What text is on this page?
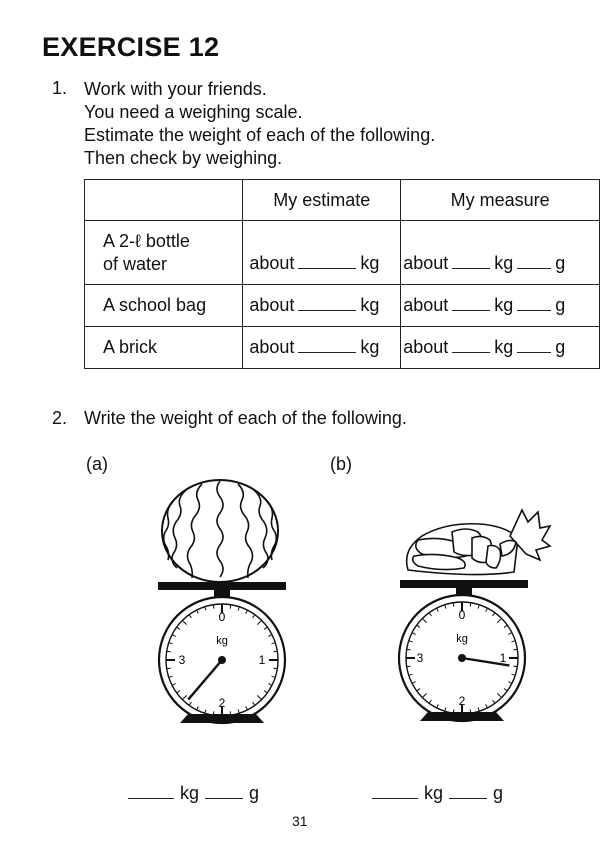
EXERCISE 12
1. Work with your friends.
You need a weighing scale.
Estimate the weight of each of the following.
Then check by weighing.
	My estimate	My measure

A 2-ℓ bottle
of water	about kg	about kg g
A school bag	about kg	about kg g
A brick	about kg	about kg g
2. Write the weight of each of the following.
(a)	(b)
0
1
2
3
kg
0
1
2
3
kg
kg	g	kg	g
31
